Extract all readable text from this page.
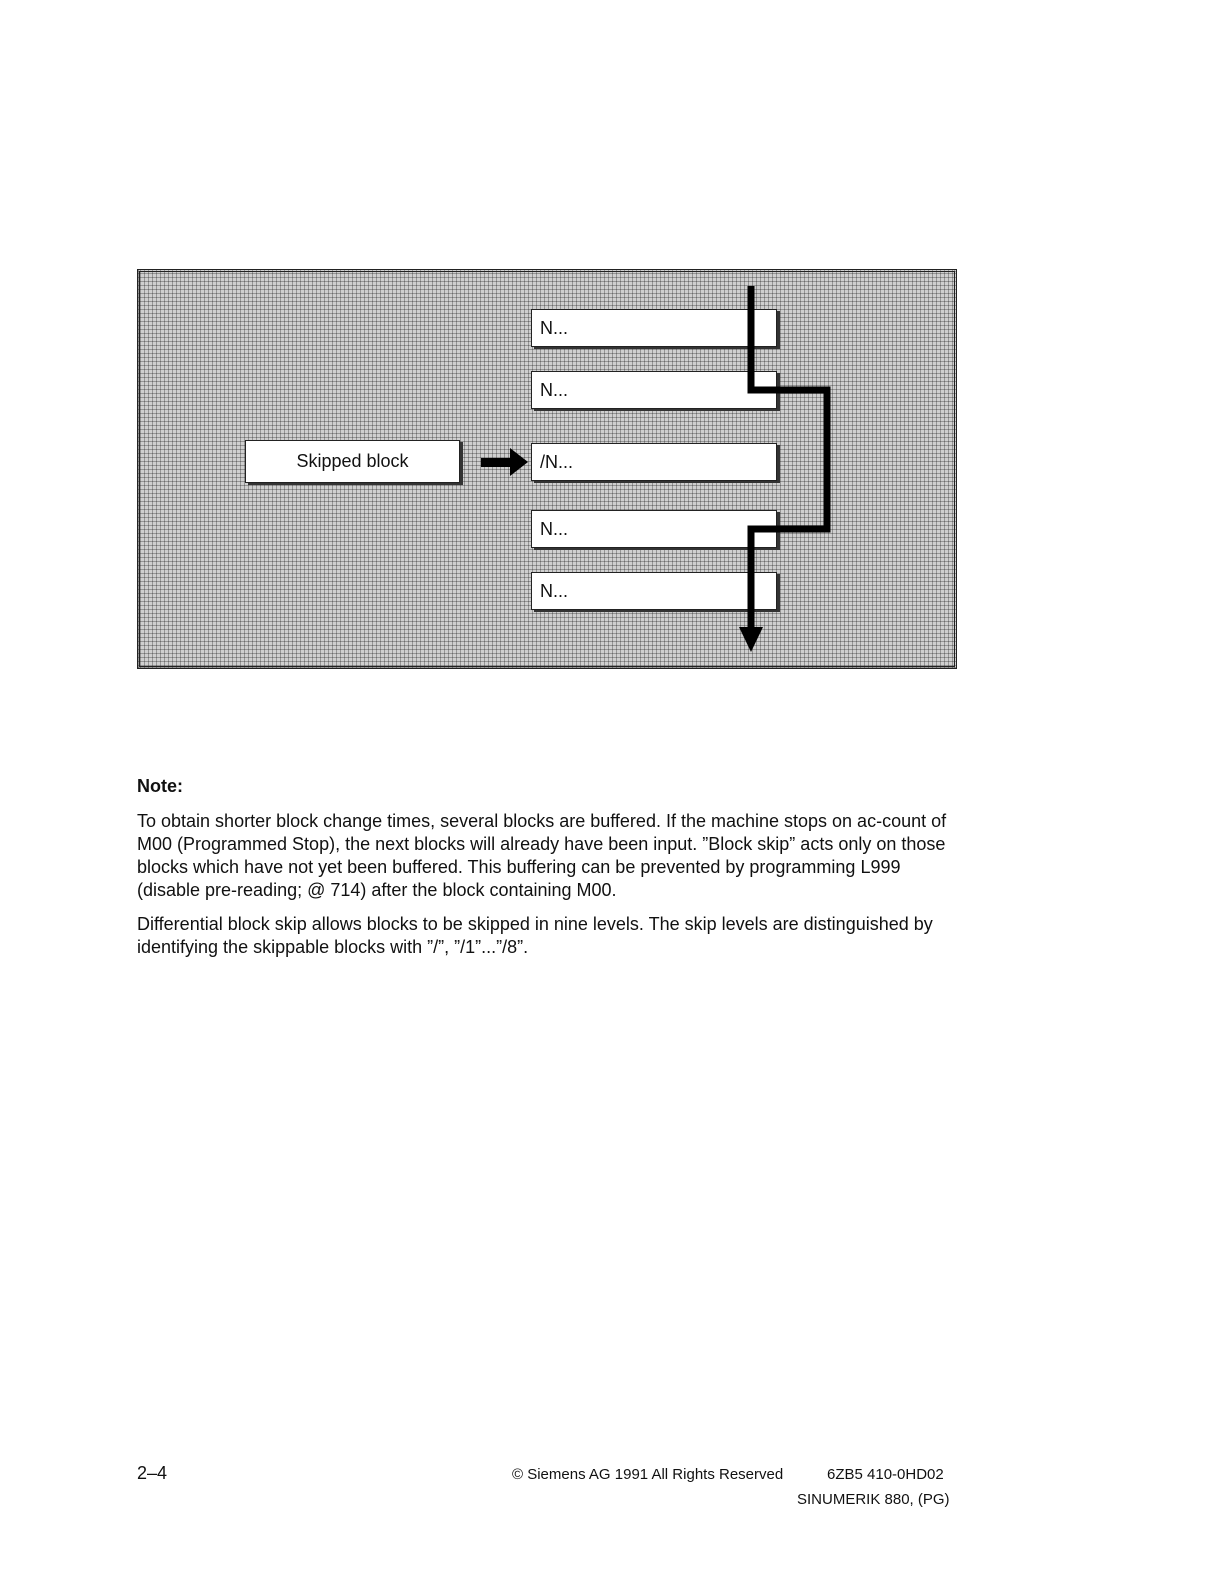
Skipped block
N...
N...
/N...
N...
N...
Note:

To obtain shorter block change times, several blocks are buffered. If the machine stops on ac-count of M00 (Programmed Stop), the next blocks will already have been input. ”Block skip” acts only on those blocks which have not yet been buffered. This buffering can be prevented by programming L999 (disable pre-reading; @ 714) after the block containing M00.

Differential block skip allows blocks to be skipped in nine levels. The skip levels are distinguished by identifying the skippable blocks with ”/”, ”/1”...”/8”.

2–4	© Siemens AG 1991 All Rights Reserved	6ZB5 410-0HD02
SINUMERIK 880, (PG)
